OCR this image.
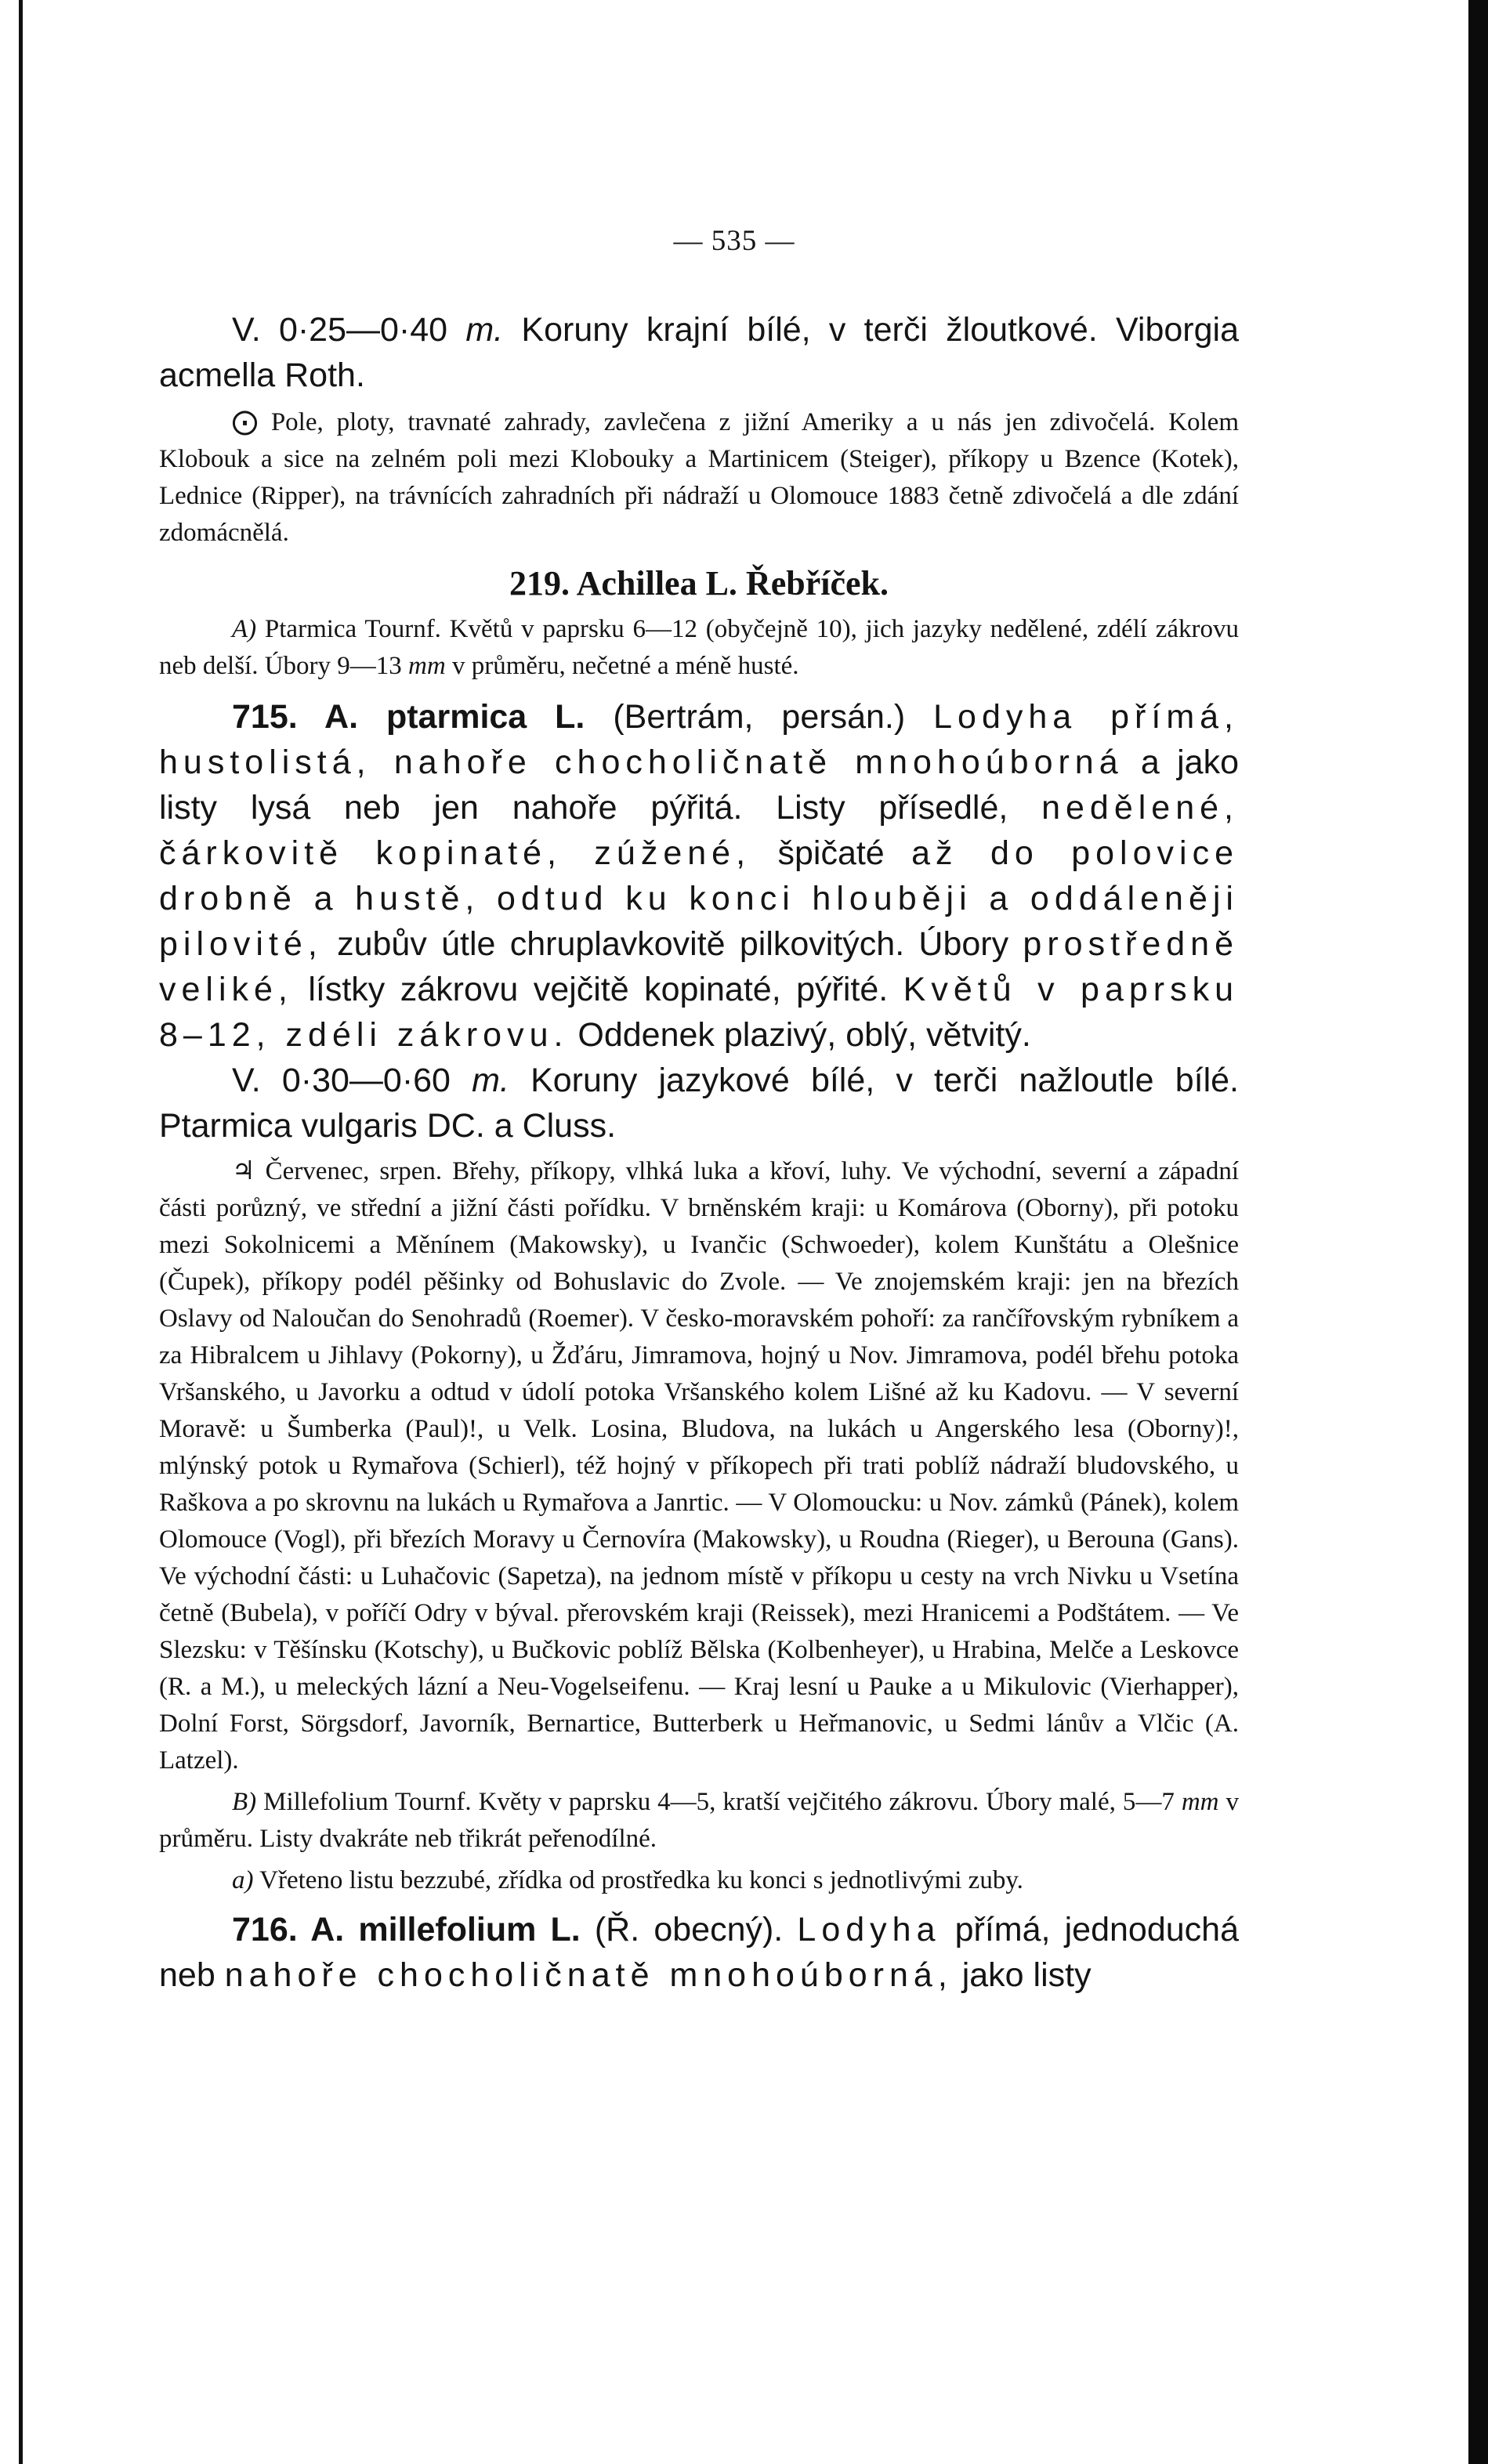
— 535 —

V. 0·25—0·40 m. Koruny krajní bílé, v terči žloutkové. Viborgia acmella Roth.

⨀ Pole, ploty, travnaté zahrady, zavlečena z jižní Ameriky a u nás jen zdivočelá. Kolem Klobouk a sice na zelném poli mezi Klobouky a Martinicem (Steiger), příkopy u Bzence (Kotek), Lednice (Ripper), na trávnících zahradních při nádraží u Olomouce 1883 četně zdivočelá a dle zdání zdomácnělá.

219. Achillea L. Řebříček.

A) Ptarmica Tournf. Květů v paprsku 6—12 (obyčejně 10), jich jazyky nedělené, zdélí zákrovu neb delší. Úbory 9—13 mm v průměru, nečetné a méně husté.

715. A. ptarmica L. (Bertrám, persán.) Lodyha přímá, hustolistá, nahoře chocholičnatě mnohoúborná a jako listy lysá neb jen nahoře pýřitá. Listy přísedlé, nedělené, čárkovitě kopinaté, zúžené, špičaté až do polovice drobně a hustě, odtud ku konci hlouběji a oddáleněji pilovité, zubův útle chruplavkovitě pilkovitých. Úbory prostředně veliké, lístky zákrovu vejčitě kopinaté, pýřité. Květů v paprsku 8–12, zdéli zákrovu. Oddenek plazivý, oblý, větvitý.

V. 0·30—0·60 m. Koruny jazykové bílé, v terči nažloutle bílé. Ptarmica vulgaris DC. a Cluss.

♃ Červenec, srpen. Břehy, příkopy, vlhká luka a křoví, luhy. Ve východní, severní a západní části porůzný, ve střední a jižní části pořídku. V brněnském kraji: u Komárova (Oborny), při potoku mezi Sokolnicemi a Měnínem (Makowsky), u Ivančic (Schwoeder), kolem Kunštátu a Olešnice (Čupek), příkopy podél pěšinky od Bohuslavic do Zvole. — Ve znojemském kraji: jen na březích Oslavy od Naloučan do Senohradů (Roemer). V česko-moravském pohoří: za rančířovským rybníkem a za Hibralcem u Jihlavy (Pokorny), u Žďáru, Jimramova, hojný u Nov. Jimramova, podél břehu potoka Vršanského, u Javorku a odtud v údolí potoka Vršanského kolem Lišné až ku Kadovu. — V severní Moravě: u Šumberka (Paul)!, u Velk. Losina, Bludova, na lukách u Angerského lesa (Oborny)!, mlýnský potok u Rymařova (Schierl), též hojný v příkopech při trati poblíž nádraží bludovského, u Raškova a po skrovnu na lukách u Rymařova a Janrtic. — V Olomoucku: u Nov. zámků (Pánek), kolem Olomouce (Vogl), při březích Moravy u Černovíra (Makowsky), u Roudna (Rieger), u Berouna (Gans). Ve východní části: u Luhačovic (Sapetza), na jednom místě v příkopu u cesty na vrch Nivku u Vsetína četně (Bubela), v poříčí Odry v býval. přerovském kraji (Reissek), mezi Hranicemi a Podštátem. — Ve Slezsku: v Těšínsku (Kotschy), u Bučkovic poblíž Bělska (Kolbenheyer), u Hrabina, Melče a Leskovce (R. a M.), u meleckých lázní a Neu-Vogelseifenu. — Kraj lesní u Pauke a u Mikulovic (Vierhapper), Dolní Forst, Sörgsdorf, Javorník, Bernartice, Butterberk u Heřmanovic, u Sedmi lánův a Vlčic (A. Latzel).

B) Millefolium Tournf. Květy v paprsku 4—5, kratší vejčitého zákrovu. Úbory malé, 5—7 mm v průměru. Listy dvakráte neb třikrát peřenodílné.

a) Vřeteno listu bezzubé, zřídka od prostředka ku konci s jednotlivými zuby.

716. A. millefolium L. (Ř. obecný). Lodyha přímá, jednoduchá neb nahoře chocholičnatě mnohoúborná, jako listy
